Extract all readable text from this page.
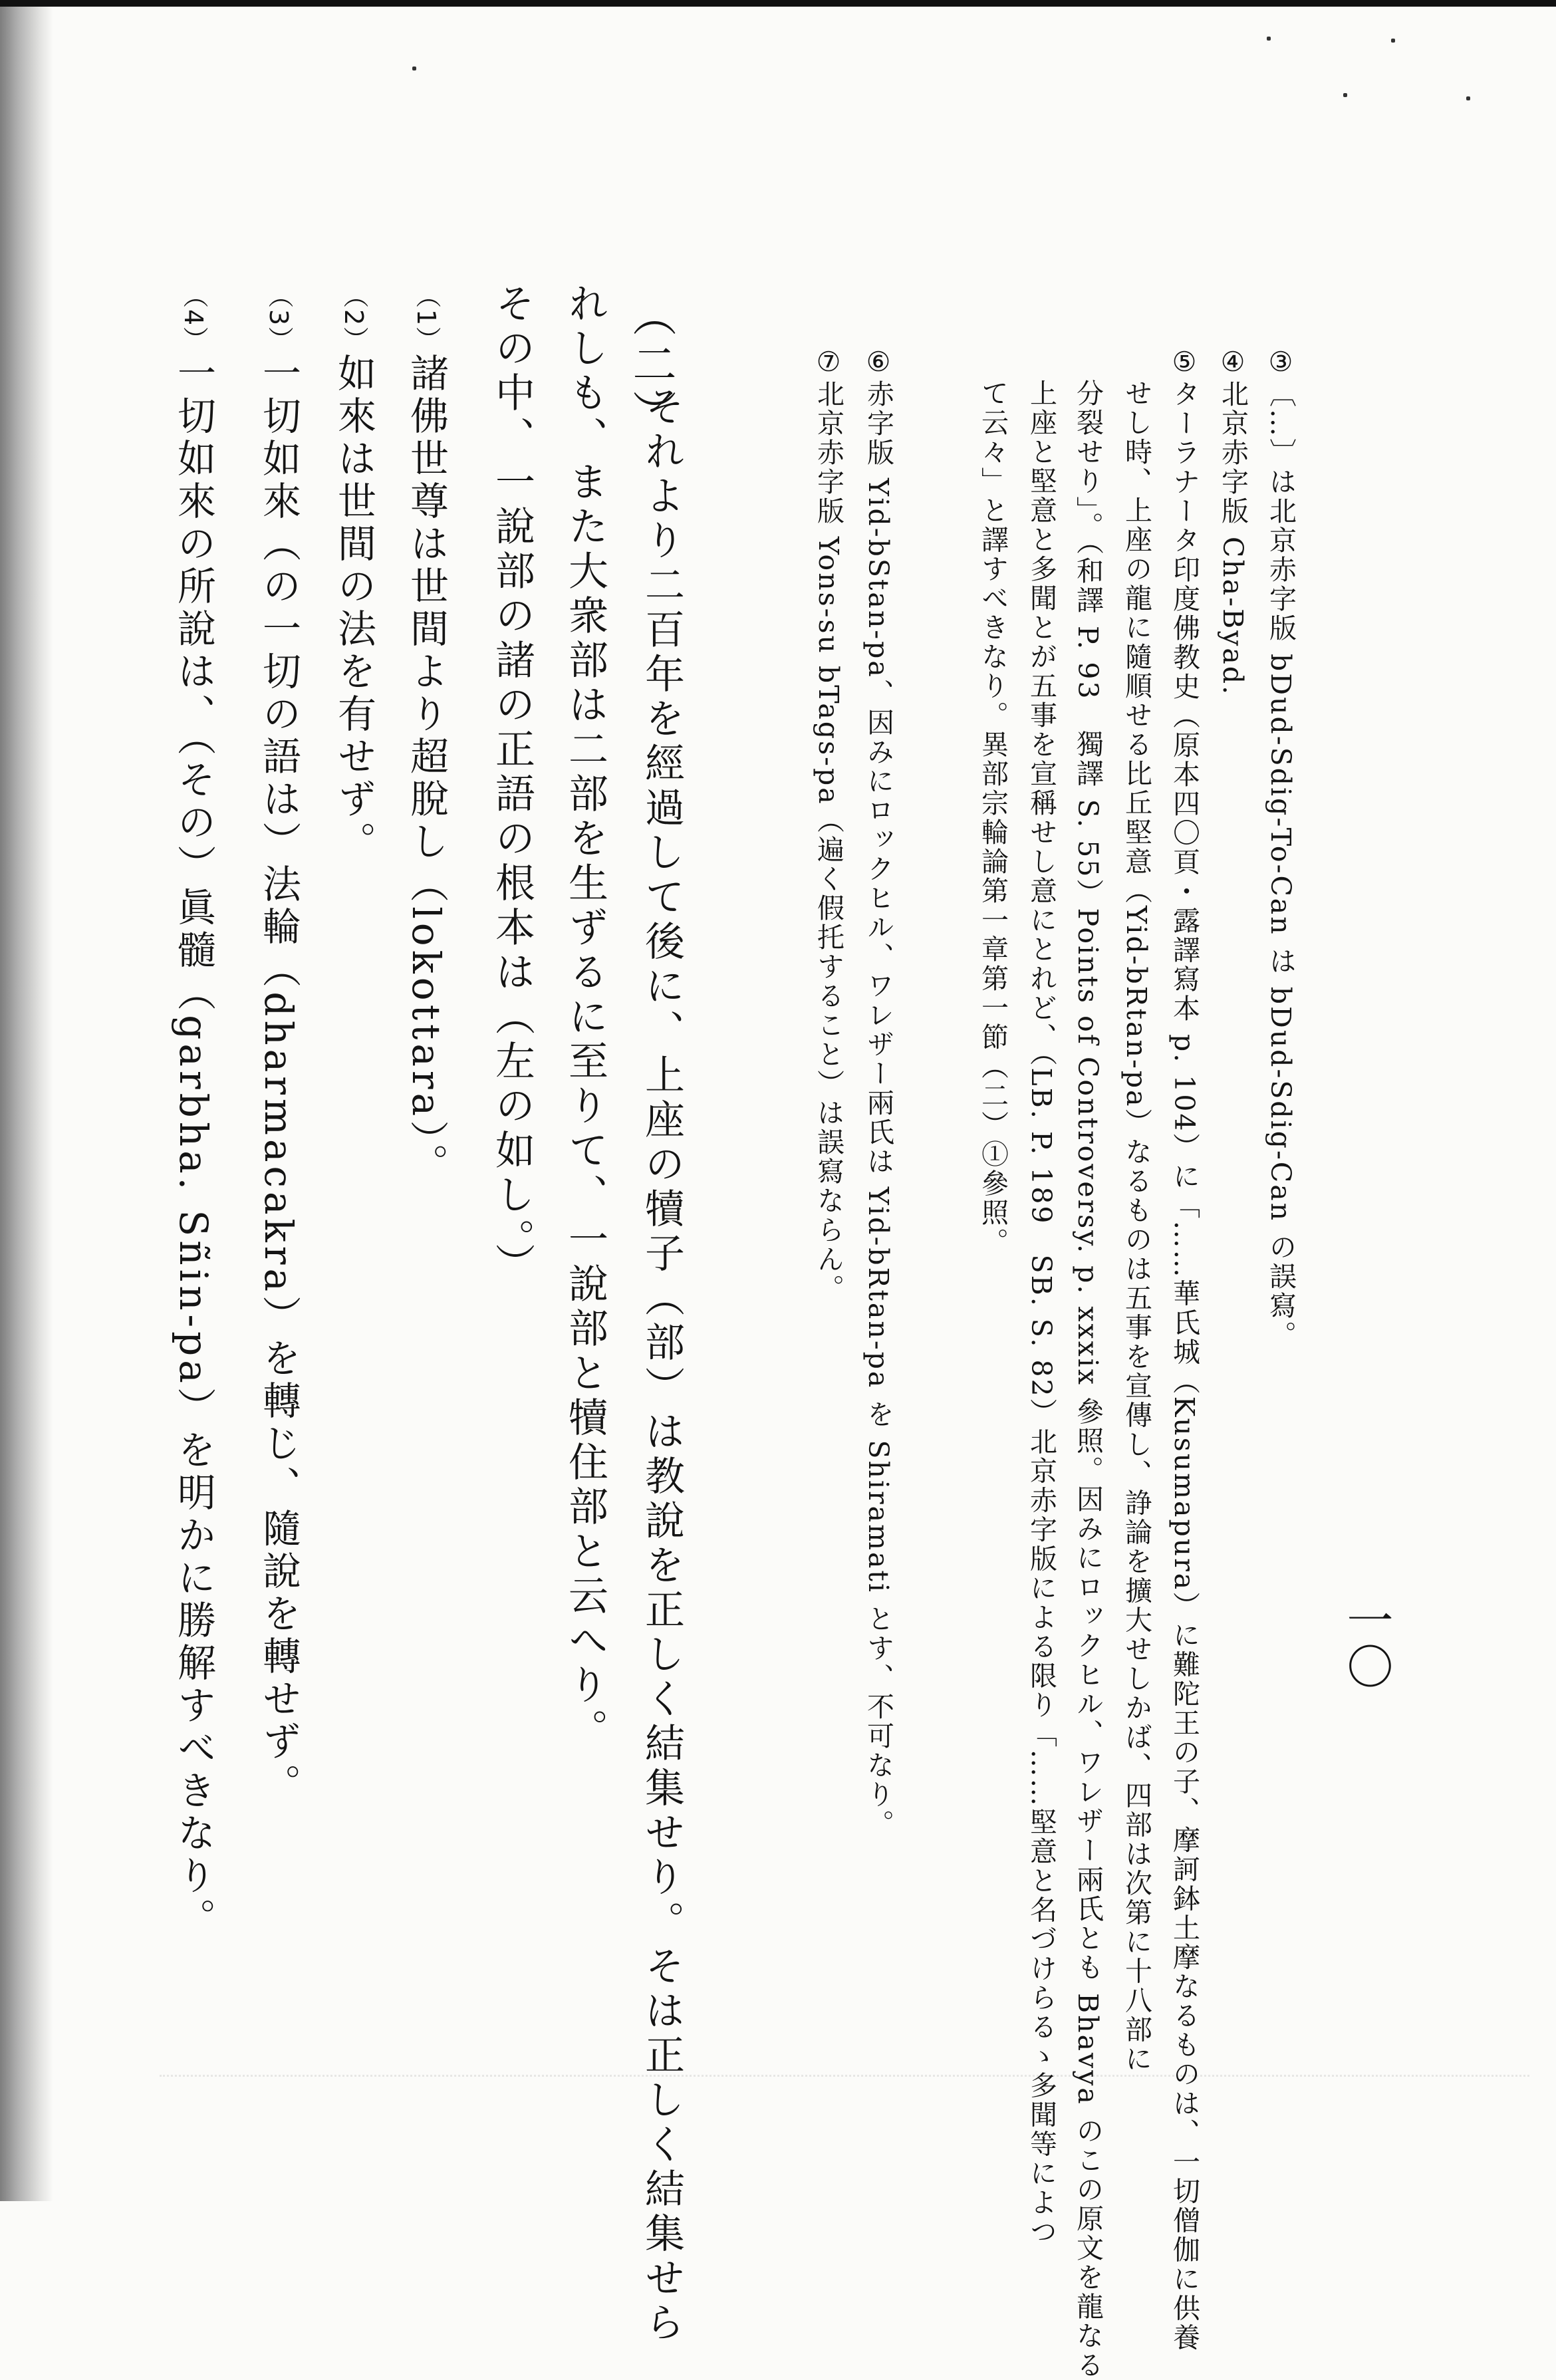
一〇
③〔…〕は北京赤字版 bDud-Sdig-To-Can は bDud-Sdig-Can の誤寫。
④北京赤字版 Cha-Byad.
⑤ターラナータ印度佛教史（原本四〇頁・露譯寫本 p. 104）に「……華氏城（Kusumapura）に難陀王の子、摩訶鉢土摩なるものは、一切僧伽に供養
せし時、上座の龍に隨順せる比丘堅意（Yid-bRtan-pa）なるものは五事を宣傳し、諍論を擴大せしかば、四部は次第に十八部に
分裂せり」。（和譯 P. 93　獨譯 S. 55）Points of Controversy. p. xxxix 參照。因みにロックヒル、ワレザー兩氏とも Bhavya のこの原文を龍なる
上座と堅意と多聞とが五事を宣稱せし意にとれど、（LB. P. 189　SB. S. 82）北京赤字版による限り「……堅意と名づけらるゝ多聞等によつ
て云々」と譯すべきなり。異部宗輪論第一章第一節（二）①參照。
⑥赤字版 Yid-bStan-pa、因みにロックヒル、ワレザー兩氏は Yid-bRtan-pa を Shiramati とす、不可なり。
⑦北京赤字版 Yons-su bTags-pa（遍く假托すること）は誤寫ならん。
（二）
それより二百年を經過して後に、上座の犢子（部）は教說を正しく結集せり。そは正しく結集せら
れしも、また大衆部は二部を生ずるに至りて、一說部と犢住部と云へり。
その中、一說部の諸の正語の根本は（左の如し。）
（1）諸佛世尊は世間より超脫し（lokottara）。
（2）如來は世間の法を有せず。
（3）一切如來（の一切の語は）法輪（dharmacakra）を轉じ、隨說を轉せず。
（4）一切如來の所說は、（その）眞髓（garbha. Sñin-pa）を明かに勝解すべきなり。
